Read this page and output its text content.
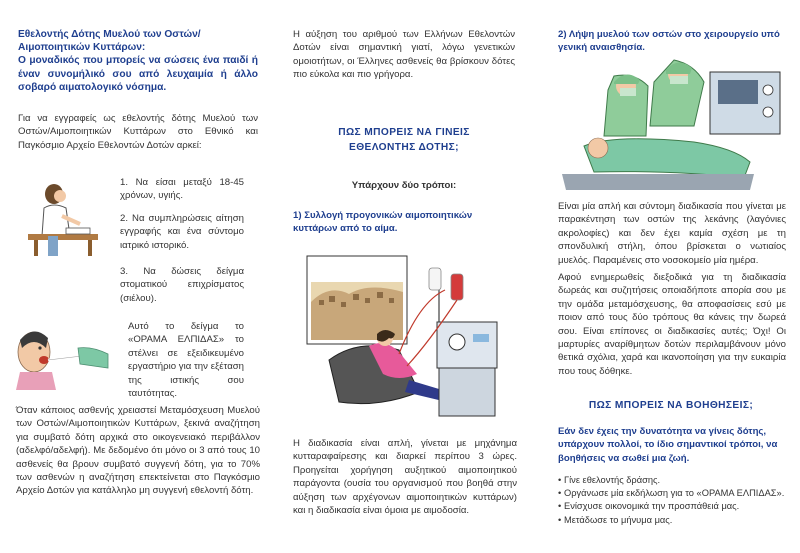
Εθελοντής Δότης Μυελού των Οστών/
Αιμοποιητικών Κυττάρων:
Ο μοναδικός που μπορείς να σώσεις ένα παιδί ή έναν συνομήλικό σου από λευχαιμία ή άλλο σοβαρό αιματολογικό νόσημα.
Για να εγγραφείς ως εθελοντής δότης Μυελού των Οστών/Αιμοποιητικών Κυττάρων στο Εθνικό και Παγκόσμιο Αρχείο Εθελοντών Δοτών αρκεί:
1. Να είσαι μεταξύ 18-45 χρόνων, υγιής.
2. Να συμπληρώσεις αίτηση εγγραφής και ένα σύντομο ιατρικό ιστορικό.
3. Να δώσεις δείγμα στοματικού επιχρίσματος (σιέλου).
Αυτό το δείγμα το «ΟΡΑΜΑ ΕΛΠΙΔΑΣ» το στέλνει σε εξειδικευμένο εργαστήριο για την εξέταση της ιστικής σου ταυτότητας.
Όταν κάποιος ασθενής χρειαστεί Μεταμόσχευση Μυελού των Οστών/Αιμοποιητικών Κυττάρων, ξεκινά αναζήτηση για συμβατό δότη αρχικά στο οικογενειακό περιβάλλον (αδελφό/αδελφή). Με δεδομένο ότι μόνο οι 3 από τους 10 ασθενείς θα βρουν συμβατό συγγενή δότη, για το 70% των ασθενών η αναζήτηση επεκτείνεται στο Παγκόσμιο Αρχείο Δοτών για κατάλληλο μη συγγενή εθελοντή δότη.
Η αύξηση του αριθμού των Ελλήνων Εθελοντών Δοτών είναι σημαντική γιατί, λόγω γενετικών ομοιοτήτων, οι Έλληνες ασθενείς θα βρίσκουν δότες πιο εύκολα και πιο γρήγορα.
ΠΩΣ ΜΠΟΡΕΙΣ ΝΑ ΓΙΝΕΙΣ
ΕΘΕΛΟΝΤΗΣ ΔΟΤΗΣ;
Υπάρχουν δύο τρόποι:
1) Συλλογή προγονικών αιμοποιητικών κυττάρων από το αίμα.
Η διαδικασία είναι απλή, γίνεται με μηχάνημα κυτταραφαίρεσης και διαρκεί περίπου 3 ώρες. Προηγείται χορήγηση αυξητικού αιμοποιητικού παράγοντα (ουσία του οργανισμού που βοηθά στην αύξηση των αρχέγονων αιμοποιητικών κυττάρων) και η διαδικασία είναι όμοια με αιμοδοσία.
2) Λήψη μυελού των οστών στο χειρουργείο υπό γενική αναισθησία.
Είναι μία απλή και σύντομη διαδικασία που γίνεται με παρακέντηση των οστών της λεκάνης (λαγόνιες ακρολοφίες) και δεν έχει καμία σχέση με τη σπονδυλική στήλη, όπου βρίσκεται ο νωτιαίος μυελός. Παραμένεις στο νοσοκομείο μία ημέρα.
Αφού ενημερωθείς διεξοδικά για τη διαδικασία δωρεάς και συζητήσεις οποιαδήποτε απορία σου με την ομάδα μεταμόσχευσης, θα αποφασίσεις εσύ με ποιον από τους δύο τρόπους θα κάνεις την δωρεά σου. Είναι επίπονες οι διαδικασίες αυτές; Όχι! Οι μαρτυρίες αναρίθμητων δοτών περιλαμβάνουν μόνο θετικά σχόλια, χαρά και ικανοποίηση για την ευκαιρία που τους δόθηκε.
ΠΩΣ ΜΠΟΡΕΙΣ ΝΑ ΒΟΗΘΗΣΕΙΣ;
Εάν δεν έχεις την δυνατότητα να γίνεις δότης, υπάρχουν πολλοί, το ίδιο σημαντικοί τρόποι, να βοηθήσεις να σωθεί μια ζωή.
• Γίνε εθελοντής δράσης.
• Οργάνωσε μία εκδήλωση για το «ΟΡΑΜΑ ΕΛΠΙΔΑΣ».
• Ενίσχυσε οικονομικά την προσπάθειά μας.
• Μετάδωσε το μήνυμα μας.
